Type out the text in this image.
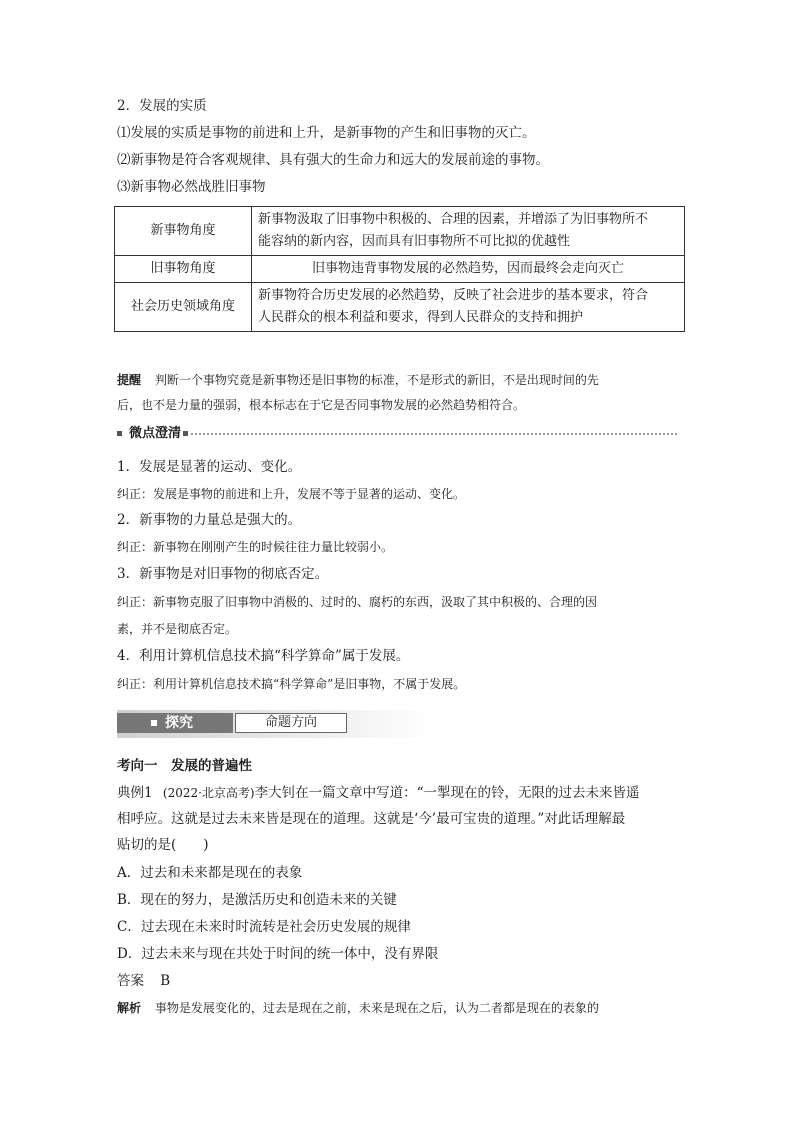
2．发展的实质
⑴发展的实质是事物的前进和上升，是新事物的产生和旧事物的灭亡。
⑵新事物是符合客观规律、具有强大的生命力和远大的发展前途的事物。
⑶新事物必然战胜旧事物
新事物角度	新事物汲取了旧事物中积极的、合理的因素，并增添了为旧事物所不
能容纳的新内容，因而具有旧事物所不可比拟的优越性

旧事物角度	旧事物违背事物发展的必然趋势，因而最终会走向灭亡

社会历史领域角度	新事物符合历史发展的必然趋势，反映了社会进步的基本要求，符合
人民群众的根本利益和要求，得到人民群众的支持和拥护
提醒 判断一个事物究竟是新事物还是旧事物的标准，不是形式的新旧，不是出现时间的先
后，也不是力量的强弱，根本标志在于它是否同事物发展的必然趋势相符合。
微点澄清
1．发展是显著的运动、变化。
纠正：发展是事物的前进和上升，发展不等于显著的运动、变化。
2．新事物的力量总是强大的。
纠正：新事物在刚刚产生的时候往往力量比较弱小。
3．新事物是对旧事物的彻底否定。
纠正：新事物克服了旧事物中消极的、过时的、腐朽的东西，汲取了其中积极的、合理的因
素，并不是彻底否定。
4．利用计算机信息技术搞“科学算命”属于发展。
纠正：利用计算机信息技术搞“科学算命”是旧事物，不属于发展。
探究	命题方向
考向一　发展的普遍性
典例1 (2022·北京高考)李大钊在一篇文章中写道：“一掣现在的铃，无限的过去未来皆遥
相呼应。这就是过去未来皆是现在的道理。这就是‘今’最可宝贵的道理。”对此话理解最
贴切的是(　　)
A．过去和未来都是现在的表象
B．现在的努力，是激活历史和创造未来的关键
C．过去现在未来时时流转是社会历史发展的规律
D．过去未来与现在共处于时间的统一体中，没有界限
答案 B
解析 事物是发展变化的，过去是现在之前，未来是现在之后，认为二者都是现在的表象的
